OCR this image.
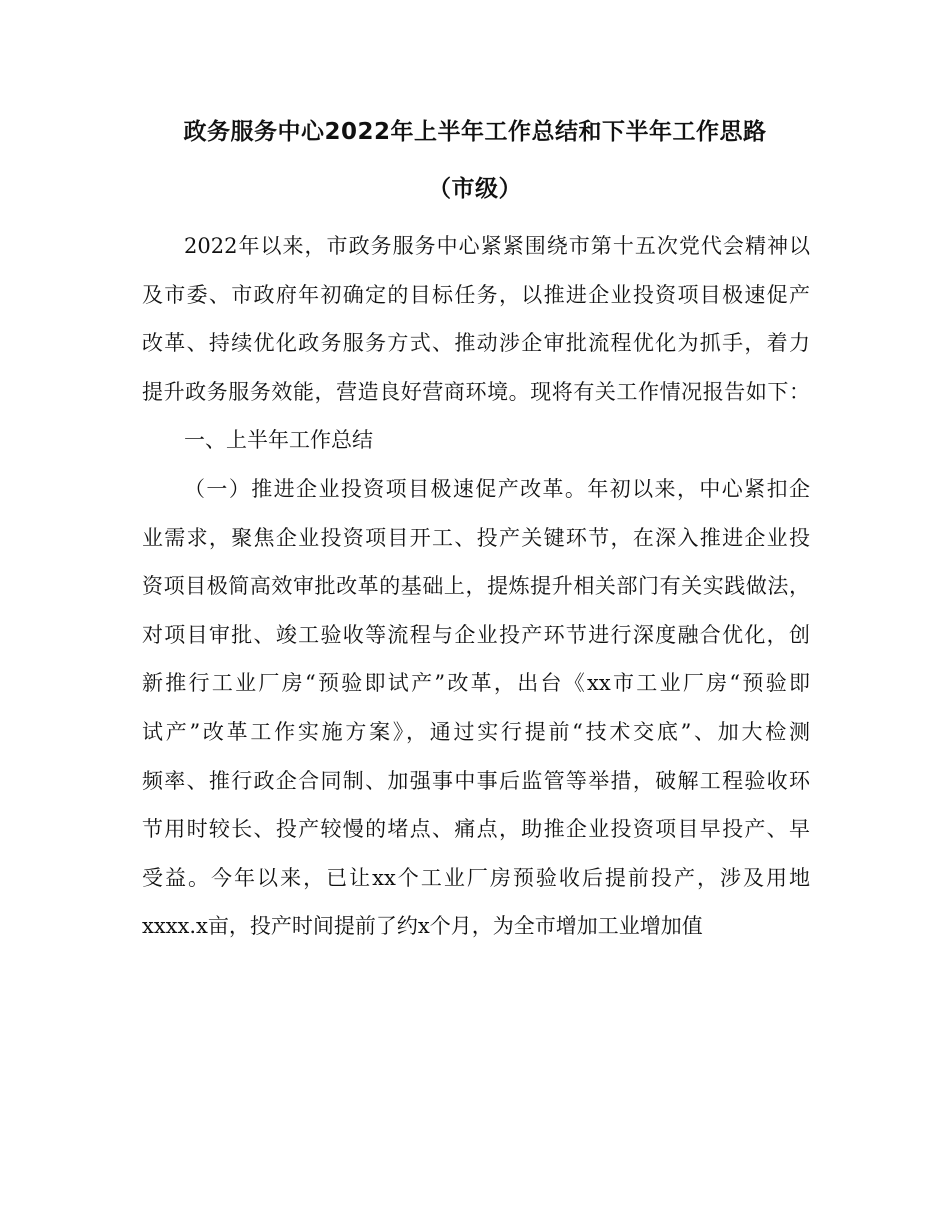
政务服务中心2022年上半年工作总结和下半年工作思路
（市级）
2022年以来，市政务服务中心紧紧围绕市第十五次党代会精神以
及市委、市政府年初确定的目标任务，以推进企业投资项目极速促产
改革、持续优化政务服务方式、推动涉企审批流程优化为抓手，着力
提升政务服务效能，营造良好营商环境。现将有关工作情况报告如下：
一、上半年工作总结
（一）推进企业投资项目极速促产改革。年初以来，中心紧扣企
业需求，聚焦企业投资项目开工、投产关键环节，在深入推进企业投
资项目极简高效审批改革的基础上，提炼提升相关部门有关实践做法，
对项目审批、竣工验收等流程与企业投产环节进行深度融合优化，创
新推行工业厂房“预验即试产”改革，出台《xx市工业厂房“预验即
试产”改革工作实施方案》，通过实行提前“技术交底”、加大检测
频率、推行政企合同制、加强事中事后监管等举措，破解工程验收环
节用时较长、投产较慢的堵点、痛点，助推企业投资项目早投产、早
受益。今年以来，已让xx个工业厂房预验收后提前投产，涉及用地
xxxx.x亩，投产时间提前了约x个月，为全市增加工业增加值
